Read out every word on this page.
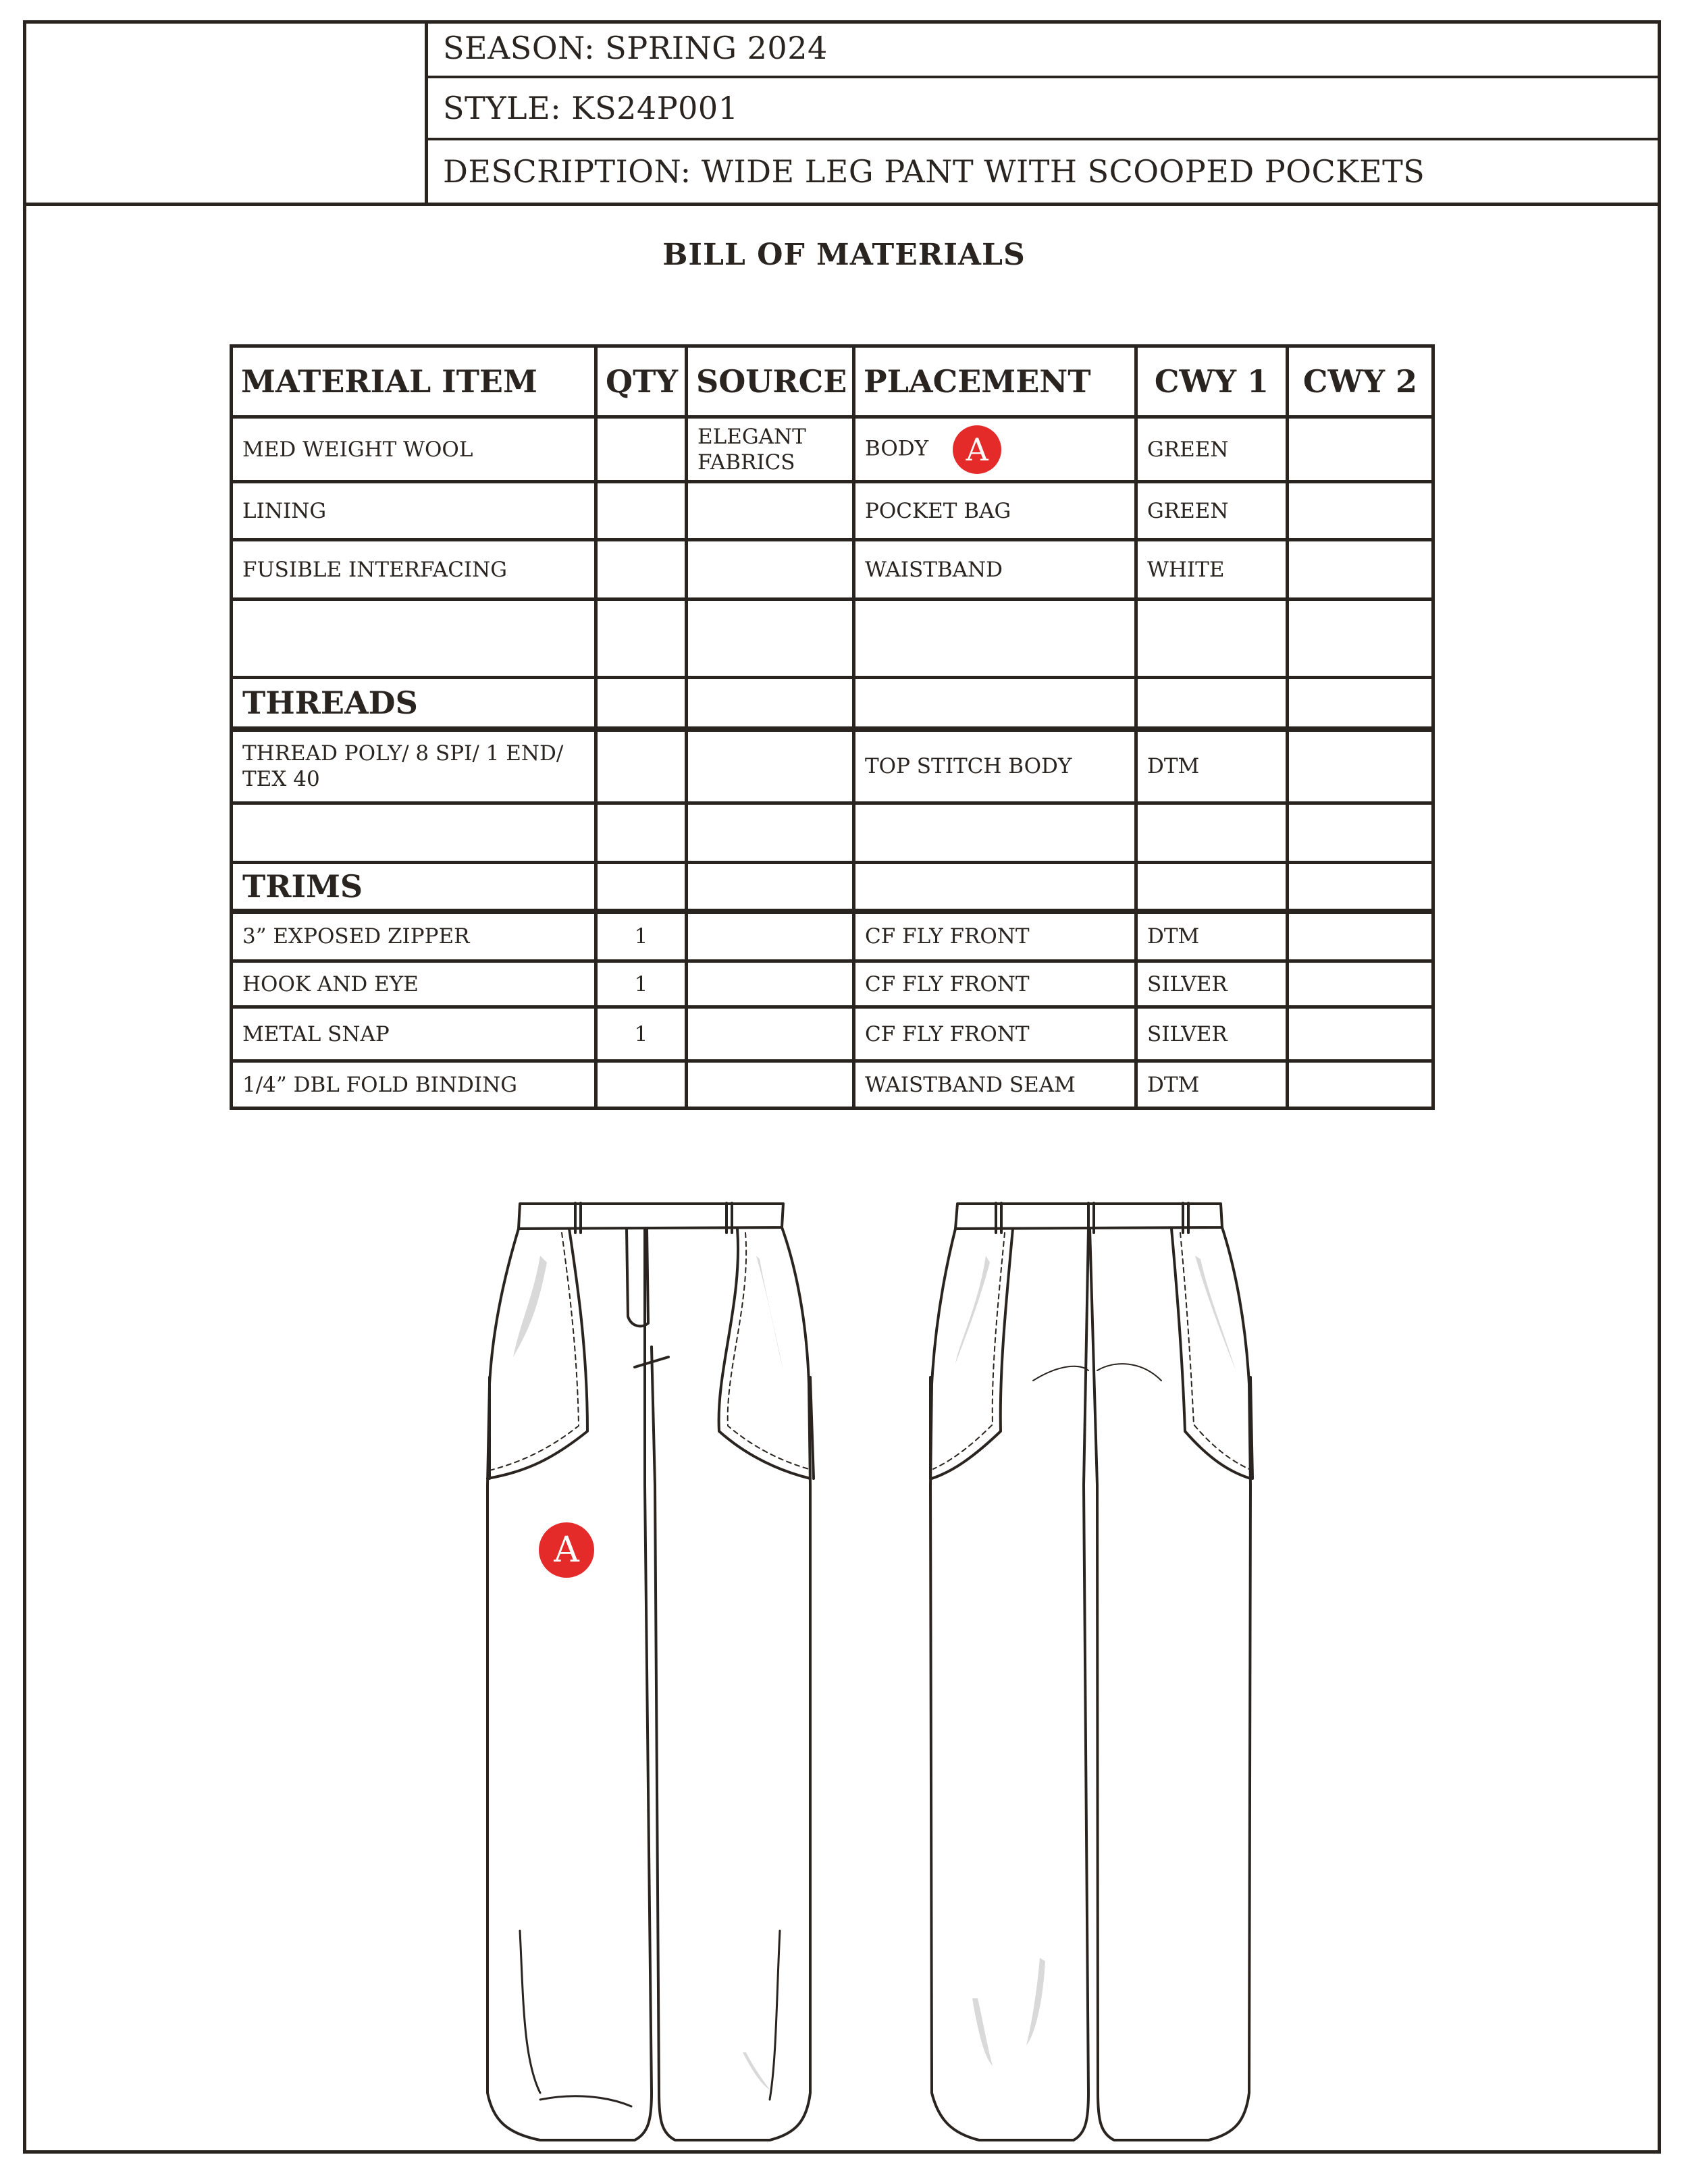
SEASON: SPRING 2024
STYLE: KS24P001
DESCRIPTION: WIDE LEG PANT WITH SCOOPED POCKETS
BILL OF MATERIALS
MATERIAL ITEM	QTY	SOURCE	PLACEMENT	CWY 1	CWY 2
MED WEIGHT WOOL		ELEGANT FABRICS	BODY A	GREEN	
LINING			POCKET BAG	GREEN	
FUSIBLE INTERFACING			WAISTBAND	WHITE	

THREADS					
THREAD POLY/ 8 SPI/ 1 END/ TEX 40			TOP STITCH BODY	DTM	

TRIMS					
3” EXPOSED ZIPPER	1		CF FLY FRONT	DTM	
HOOK AND EYE	1		CF FLY FRONT	SILVER	
METAL SNAP	1		CF FLY FRONT	SILVER	
1/4” DBL FOLD BINDING			WAISTBAND SEAM	DTM	
A
